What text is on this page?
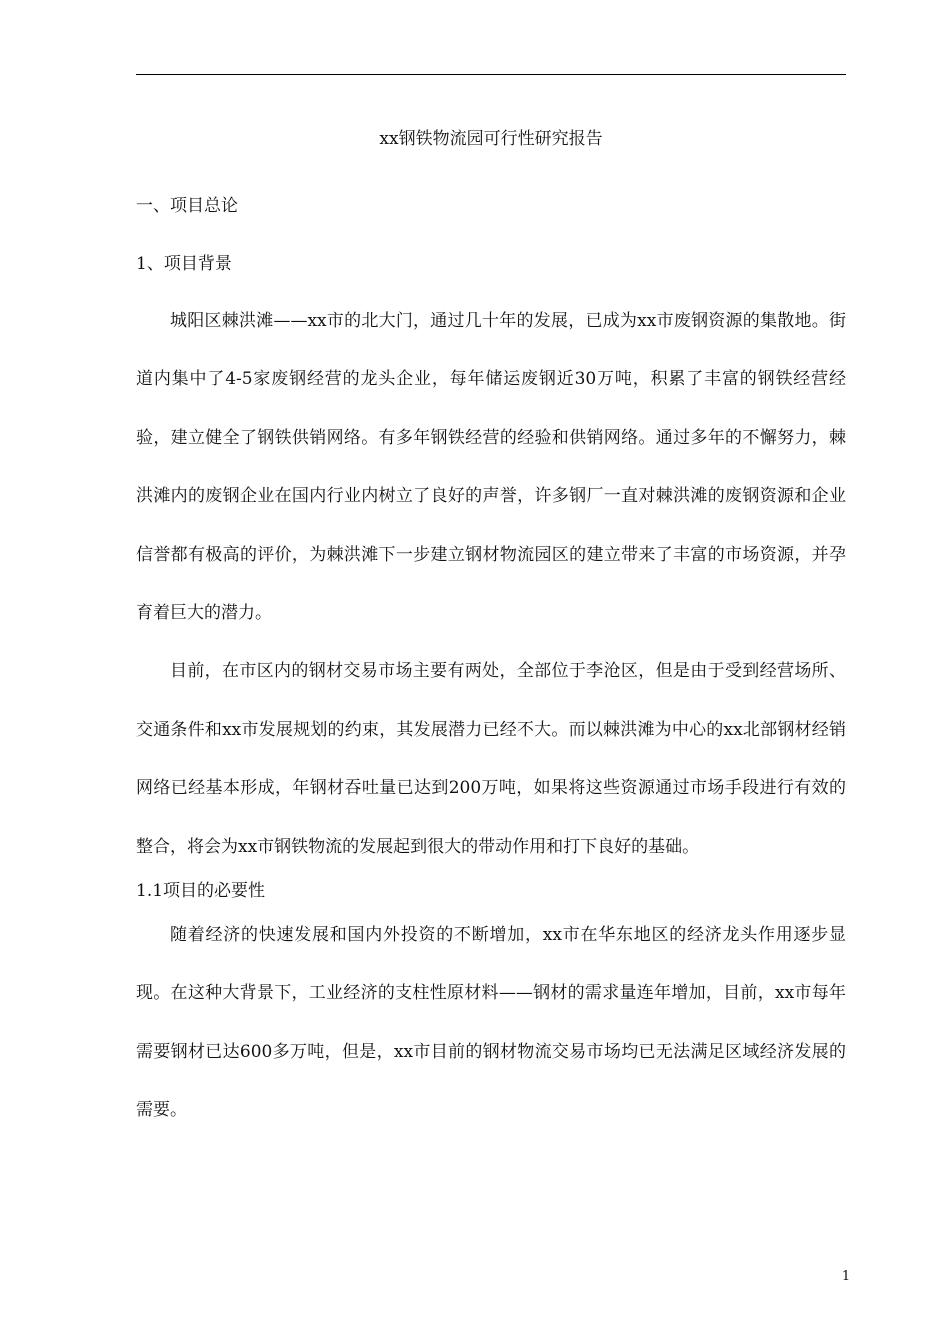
xx钢铁物流园可行性研究报告
一、项目总论
1、项目背景

城阳区棘洪滩——xx市的北大门，通过几十年的发展，已成为xx市废钢资源的集散地。街道内集中了4-5家废钢经营的龙头企业，每年储运废钢近30万吨，积累了丰富的钢铁经营经验，建立健全了钢铁供销网络。有多年钢铁经营的经验和供销网络。通过多年的不懈努力，棘洪滩内的废钢企业在国内行业内树立了良好的声誉，许多钢厂一直对棘洪滩的废钢资源和企业信誉都有极高的评价，为棘洪滩下一步建立钢材物流园区的建立带来了丰富的市场资源，并孕育着巨大的潜力。

目前，在市区内的钢材交易市场主要有两处，全部位于李沧区，但是由于受到经营场所、交通条件和xx市发展规划的约束，其发展潜力已经不大。而以棘洪滩为中心的xx北部钢材经销网络已经基本形成，年钢材吞吐量已达到200万吨，如果将这些资源通过市场手段进行有效的整合，将会为xx市钢铁物流的发展起到很大的带动作用和打下良好的基础。

1.1项目的必要性

随着经济的快速发展和国内外投资的不断增加，xx市在华东地区的经济龙头作用逐步显现。在这种大背景下，工业经济的支柱性原材料——钢材的需求量连年增加，目前，xx市每年需要钢材已达600多万吨，但是，xx市目前的钢材物流交易市场均已无法满足区域经济发展的需要。

1
